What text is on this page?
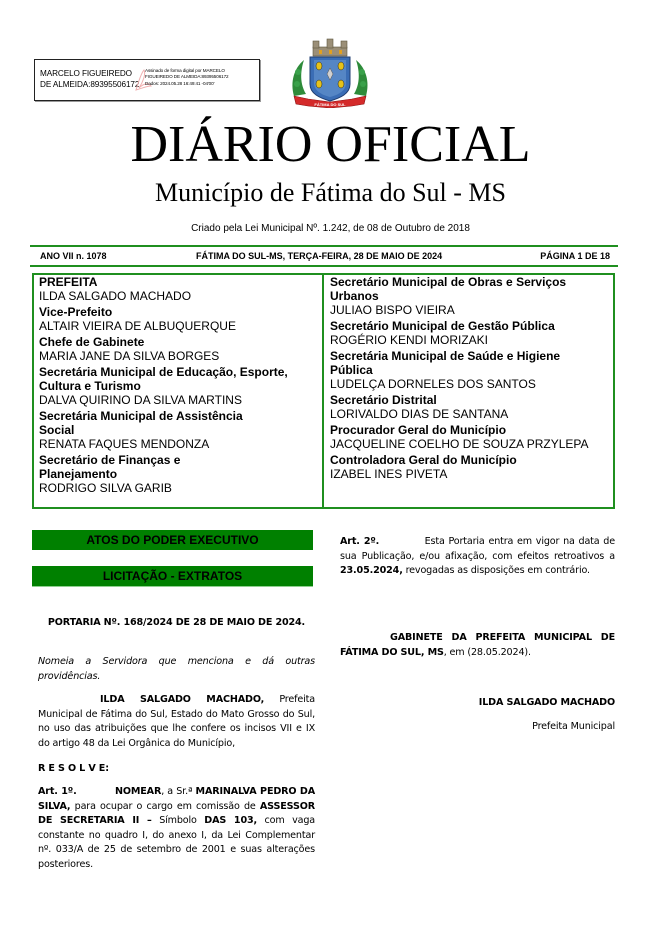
MARCELO FIGUEIREDO DE ALMEIDA:89395506172
Assinado de forma digital por MARCELO
FIGUEIREDO DE ALMEIDA:89395506172
Dados: 2024.05.28 16:49:41 -04'00'
FÁTIMA DO SUL
DIÁRIO OFICIAL
Município de Fátima do Sul - MS
Criado pela Lei Municipal Nº. 1.242, de 08 de Outubro de 2018
ANO VII n. 1078	FÁTIMA DO SUL-MS, TERÇA-FEIRA, 28 DE MAIO DE 2024	PÁGINA 1 DE 18
PREFEITA
ILDA SALGADO MACHADO
Vice-Prefeito
ALTAIR VIEIRA DE ALBUQUERQUE
Chefe de Gabinete
MARIA JANE DA SILVA BORGES
Secretária Municipal de Educação, Esporte, Cultura e Turismo
DALVA QUIRINO DA SILVA MARTINS
Secretária Municipal de Assistência Social
RENATA FAQUES MENDONZA
Secretário de Finanças e Planejamento
RODRIGO SILVA GARIB
Secretário Municipal de Obras e Serviços Urbanos
JULIAO BISPO VIEIRA
Secretário Municipal de Gestão Pública
ROGÉRIO KENDI MORIZAKI
Secretária Municipal de Saúde e Higiene Pública
LUDELÇA DORNELES DOS SANTOS
Secretário Distrital
LORIVALDO DIAS DE SANTANA
Procurador Geral do Município
JACQUELINE COELHO DE SOUZA PRZYLEPA
Controladora Geral do Município
IZABEL INES PIVETA
ATOS DO PODER EXECUTIVO
LICITAÇÃO - EXTRATOS
PORTARIA Nº. 168/2024 DE 28 DE MAIO DE 2024.
Nomeia a Servidora que menciona e dá outras providências.
ILDA SALGADO MACHADO, Prefeita Municipal de Fátima do Sul, Estado do Mato Grosso do Sul, no uso das atribuições que lhe confere os incisos VII e IX do artigo 48 da Lei Orgânica do Município,
R E S O L V E:
Art. 1º.	NOMEAR, a Sr.ª MARINALVA PEDRO DA SILVA, para ocupar o cargo em comissão de ASSESSOR DE SECRETARIA II – Símbolo DAS 103, com vaga constante no quadro I, do anexo I, da Lei Complementar nº. 033/A de 25 de setembro de 2001 e suas alterações posteriores.
Art. 2º.	Esta Portaria entra em vigor na data de sua Publicação, e/ou afixação, com efeitos retroativos a 23.05.2024, revogadas as disposições em contrário.
GABINETE DA PREFEITA MUNICIPAL DE FÁTIMA DO SUL, MS, em (28.05.2024).
ILDA SALGADO MACHADO
Prefeita Municipal
